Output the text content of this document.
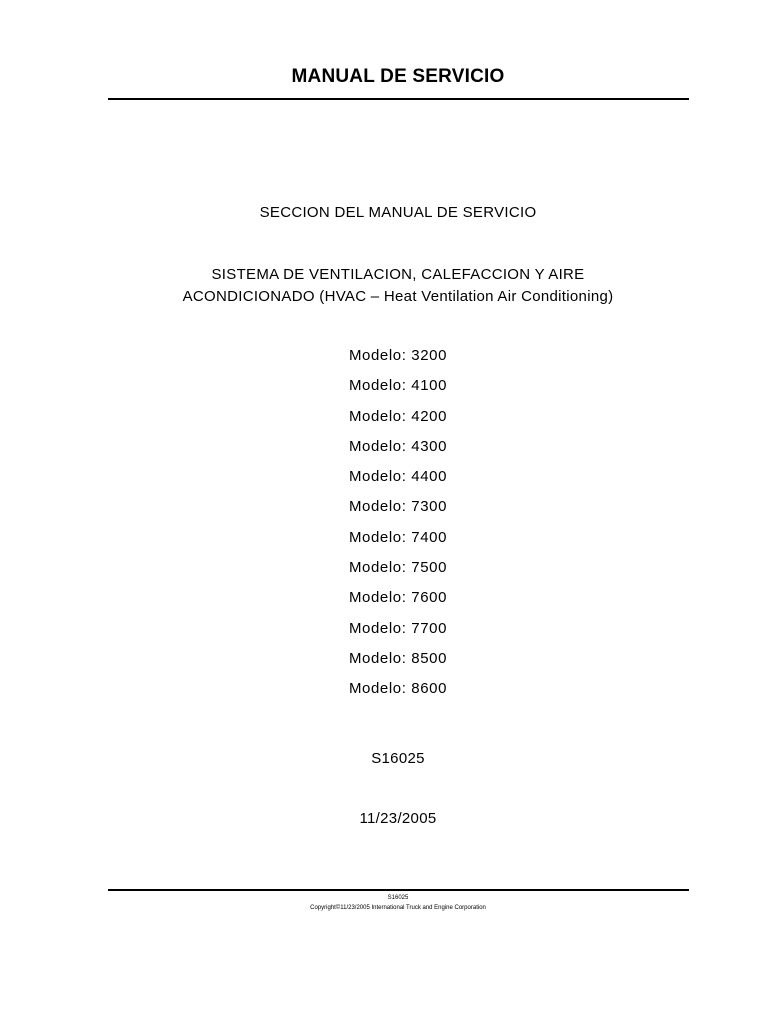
MANUAL DE SERVICIO
SECCION DEL MANUAL DE SERVICIO
SISTEMA DE VENTILACION, CALEFACCION Y AIRE
ACONDICIONADO (HVAC – Heat Ventilation Air Conditioning)
Modelo: 3200
Modelo: 4100
Modelo: 4200
Modelo: 4300
Modelo: 4400
Modelo: 7300
Modelo: 7400
Modelo: 7500
Modelo: 7600
Modelo: 7700
Modelo: 8500
Modelo: 8600
S16025
11/23/2005
S16025
Copyright©11/23/2005 International Truck and Engine Corporation
